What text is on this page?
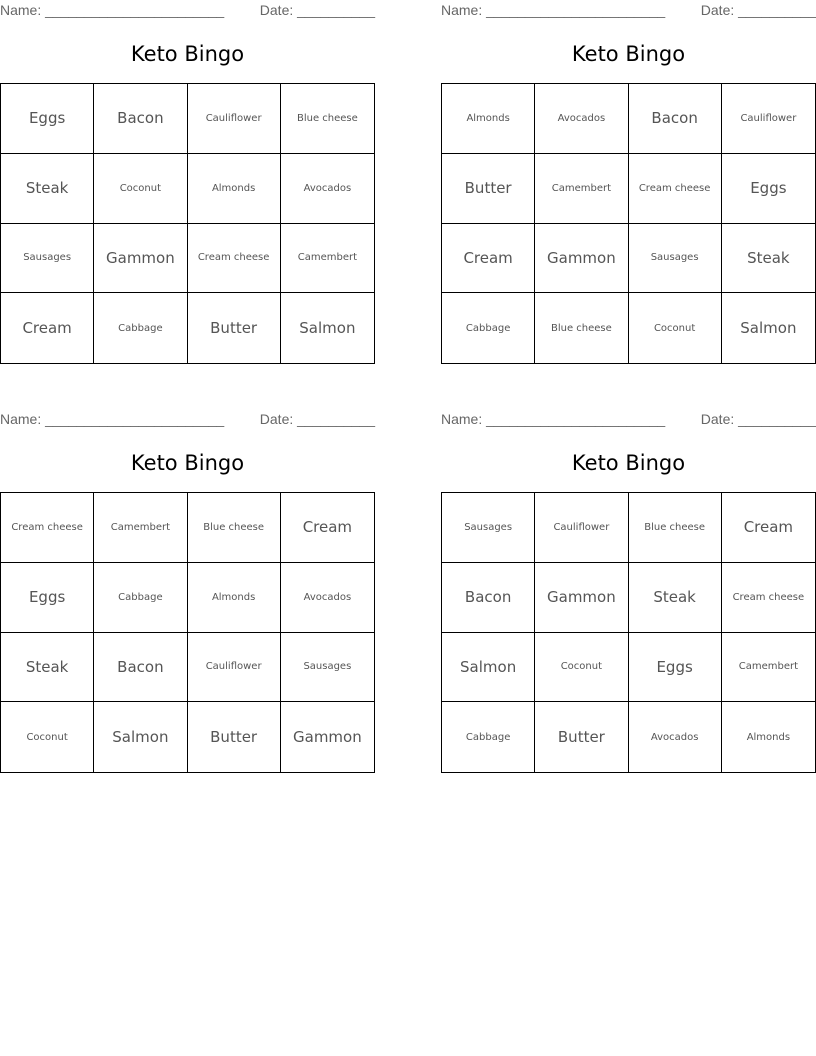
Name: _______________________	Date: __________
Keto Bingo
Eggs	Bacon	Cauliflower	Blue cheese
Steak	Coconut	Almonds	Avocados
Sausages	Gammon	Cream cheese	Camembert
Cream	Cabbage	Butter	Salmon
Name: _______________________	Date: __________
Keto Bingo
Almonds	Avocados	Bacon	Cauliflower
Butter	Camembert	Cream cheese	Eggs
Cream	Gammon	Sausages	Steak
Cabbage	Blue cheese	Coconut	Salmon
Name: _______________________	Date: __________
Keto Bingo
Cream cheese	Camembert	Blue cheese	Cream
Eggs	Cabbage	Almonds	Avocados
Steak	Bacon	Cauliflower	Sausages
Coconut	Salmon	Butter	Gammon
Name: _______________________	Date: __________
Keto Bingo
Sausages	Cauliflower	Blue cheese	Cream
Bacon	Gammon	Steak	Cream cheese
Salmon	Coconut	Eggs	Camembert
Cabbage	Butter	Avocados	Almonds
